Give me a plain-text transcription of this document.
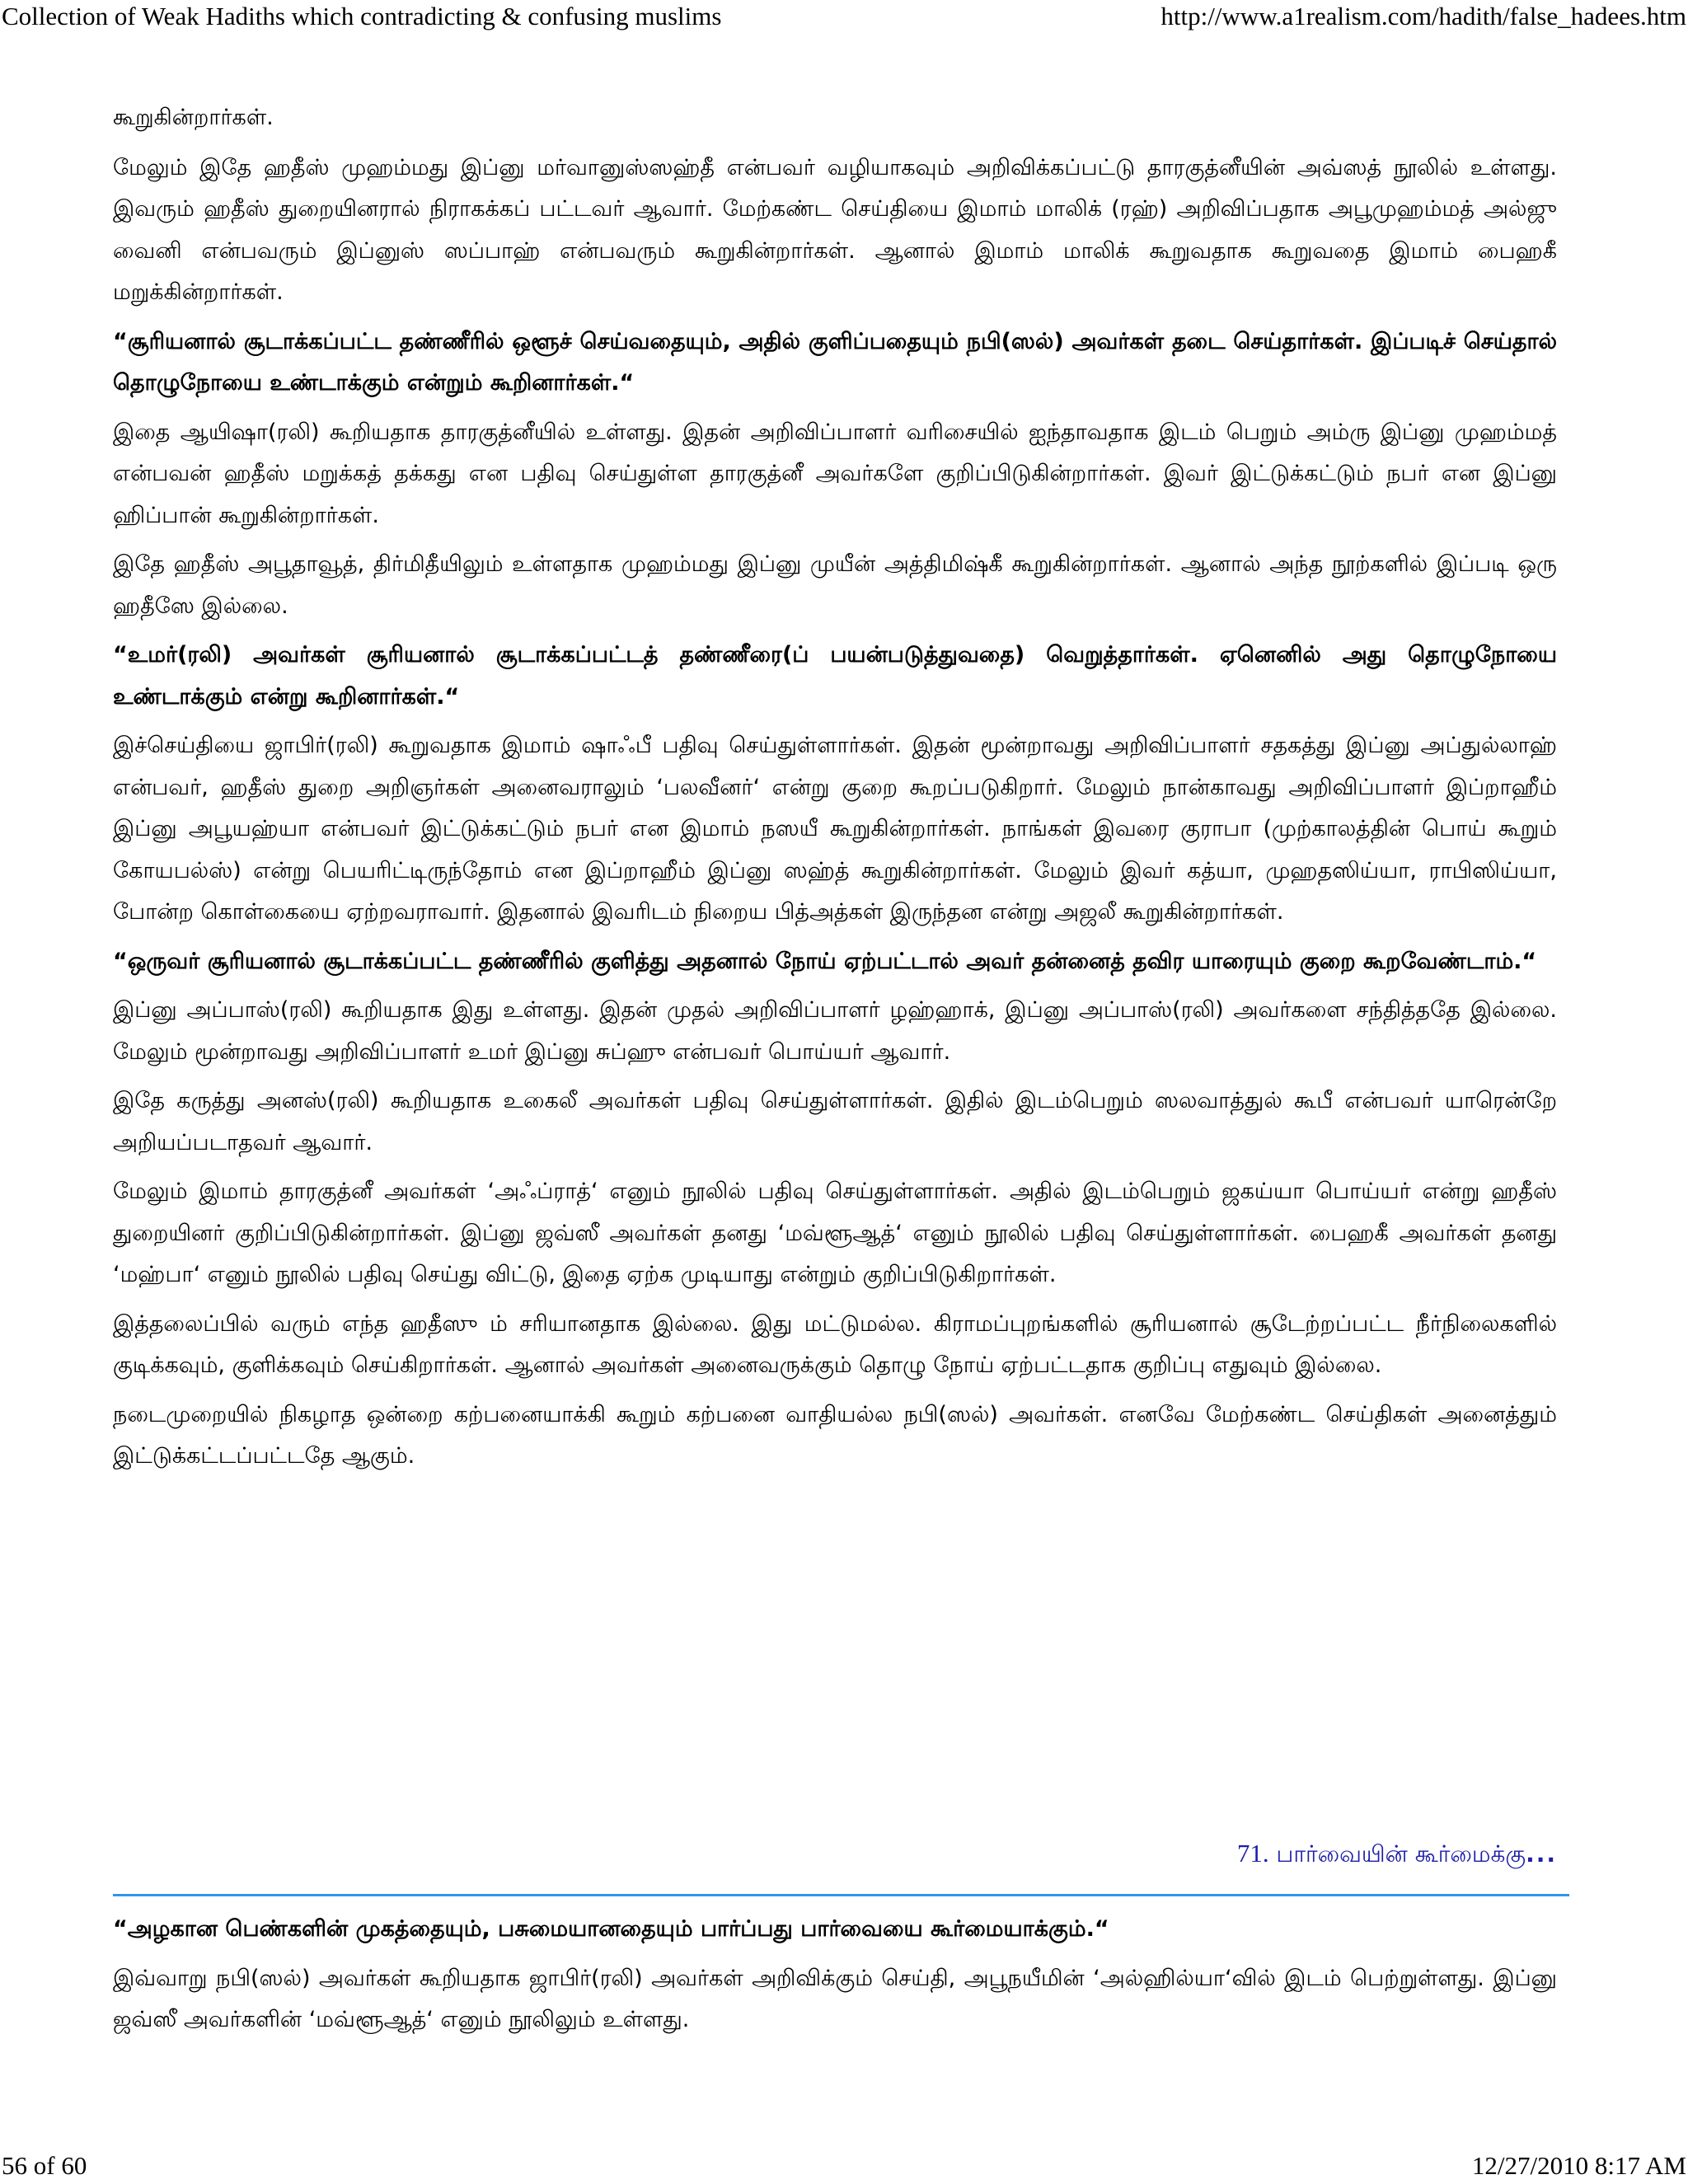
Collection of Weak Hadiths which contradicting & confusing muslims	http://www.a1realism.com/hadith/false_hadees.htm

கூறுகின்றார்கள்.

மேலும் இதே ஹதீஸ் முஹம்மது இப்னு மர்வானுஸ்ஸஹ்தீ என்பவர் வழியாகவும் அறிவிக்கப்பட்டு தாரகுத்னீயின் அவ்ஸத் நூலில் உள்ளது. இவரும் ஹதீஸ் துறையினரால் நிராகக்கப் பட்டவர் ஆவார். மேற்கண்ட செய்தியை இமாம் மாலிக் (ரஹ்) அறிவிப்பதாக அபூமுஹம்மத் அல்ஜு வைனி என்பவரும் இப்னுஸ் ஸப்பாஹ் என்பவரும் கூறுகின்றார்கள். ஆனால் இமாம் மாலிக் கூறுவதாக கூறுவதை இமாம் பைஹகீ மறுக்கின்றார்கள்.

“சூரியனால் சூடாக்கப்பட்ட தண்ணீரில் ஒளூச் செய்வதையும், அதில் குளிப்பதையும் நபி(ஸல்) அவர்கள் தடை செய்தார்கள். இப்படிச் செய்தால் தொழுநோயை உண்டாக்கும் என்றும் கூறினார்கள்.“

இதை ஆயிஷா(ரலி) கூறியதாக தாரகுத்னீயில் உள்ளது. இதன் அறிவிப்பாளர் வரிசையில் ஐந்தாவதாக இடம் பெறும் அம்ரு இப்னு முஹம்மத் என்பவன் ஹதீஸ் மறுக்கத் தக்கது என பதிவு செய்துள்ள தாரகுத்னீ அவர்களே குறிப்பிடுகின்றார்கள். இவர் இட்டுக்கட்டும் நபர் என இப்னு ஹிப்பான் கூறுகின்றார்கள்.

இதே ஹதீஸ் அபூதாவூத், திர்மிதீயிலும் உள்ளதாக முஹம்மது இப்னு முயீன் அத்திமிஷ்கீ கூறுகின்றார்கள். ஆனால் அந்த நூற்களில் இப்படி ஒரு ஹதீஸே இல்லை.

“உமர்(ரலி) அவர்கள் சூரியனால் சூடாக்கப்பட்டத் தண்ணீரை(ப் பயன்படுத்துவதை) வெறுத்தார்கள். ஏனெனில் அது தொழுநோயை உண்டாக்கும் என்று கூறினார்கள்.“

இச்செய்தியை ஜாபிர்(ரலி) கூறுவதாக இமாம் ஷாஃபீ பதிவு செய்துள்ளார்கள். இதன் மூன்றாவது அறிவிப்பாளர் சதகத்து இப்னு அப்துல்லாஹ் என்பவர், ஹதீஸ் துறை அறிஞர்கள் அனைவராலும் ‘பலவீனர்‘ என்று குறை கூறப்படுகிறார். மேலும் நான்காவது அறிவிப்பாளர் இப்றாஹீம் இப்னு அபூயஹ்யா என்பவர் இட்டுக்கட்டும் நபர் என இமாம் நஸயீ கூறுகின்றார்கள். நாங்கள் இவரை குராபா (முற்காலத்தின் பொய் கூறும் கோயபல்ஸ்) என்று பெயரிட்டிருந்தோம் என இப்றாஹீம் இப்னு ஸஹ்த் கூறுகின்றார்கள். மேலும் இவர் கத்யா, முஹதஸிய்யா, ராபிஸிய்யா, போன்ற கொள்கையை ஏற்றவராவார். இதனால் இவரிடம் நிறைய பித்அத்கள் இருந்தன என்று அஜலீ கூறுகின்றார்கள்.

“ஒருவர் சூரியனால் சூடாக்கப்பட்ட தண்ணீரில் குளித்து அதனால் நோய் ஏற்பட்டால் அவர் தன்னைத் தவிர யாரையும் குறை கூறவேண்டாம்.“

இப்னு அப்பாஸ்(ரலி) கூறியதாக இது உள்ளது. இதன் முதல் அறிவிப்பாளர் ழஹ்ஹாக், இப்னு அப்பாஸ்(ரலி) அவர்களை சந்தித்ததே இல்லை. மேலும் மூன்றாவது அறிவிப்பாளர் உமர் இப்னு சுப்ஹு என்பவர் பொய்யர் ஆவார்.

இதே கருத்து அனஸ்(ரலி) கூறியதாக உகைலீ அவர்கள் பதிவு செய்துள்ளார்கள். இதில் இடம்பெறும் ஸலவாத்துல் கூபீ என்பவர் யாரென்றே அறியப்படாதவர் ஆவார்.

மேலும் இமாம் தாரகுத்னீ அவர்கள் ‘அஃப்ராத்‘ எனும் நூலில் பதிவு செய்துள்ளார்கள். அதில் இடம்பெறும் ஜகய்யா பொய்யர் என்று ஹதீஸ் துறையினர் குறிப்பிடுகின்றார்கள். இப்னு ஜவ்ஸீ அவர்கள் தனது ‘மவ்ளூஆத்‘ எனும் நூலில் பதிவு செய்துள்ளார்கள். பைஹகீ அவர்கள் தனது ‘மஹ்பா‘ எனும் நூலில் பதிவு செய்து விட்டு, இதை ஏற்க முடியாது என்றும் குறிப்பிடுகிறார்கள்.

இத்தலைப்பில் வரும் எந்த ஹதீஸு ம் சரியானதாக இல்லை. இது மட்டுமல்ல. கிராமப்புறங்களில் சூரியனால் சூடேற்றப்பட்ட நீர்நிலைகளில் குடிக்கவும், குளிக்கவும் செய்கிறார்கள். ஆனால் அவர்கள் அனைவருக்கும் தொழு நோய் ஏற்பட்டதாக குறிப்பு எதுவும் இல்லை.

நடைமுறையில் நிகழாத ஒன்றை கற்பனையாக்கி கூறும் கற்பனை வாதியல்ல நபி(ஸல்) அவர்கள். எனவே மேற்கண்ட செய்திகள் அனைத்தும் இட்டுக்கட்டப்பட்டதே ஆகும்.

71. பார்வையின் கூர்மைக்கு...

“அழகான பெண்களின் முகத்தையும், பசுமையானதையும் பார்ப்பது பார்வையை கூர்மையாக்கும்.“

இவ்வாறு நபி(ஸல்) அவர்கள் கூறியதாக ஜாபிர்(ரலி) அவர்கள் அறிவிக்கும் செய்தி, அபூநயீமின் ‘அல்ஹில்யா‘வில் இடம் பெற்றுள்ளது. இப்னு ஜவ்ஸீ அவர்களின் ‘மவ்ளூஆத்‘ எனும் நூலிலும் உள்ளது.

56 of 60	12/27/2010 8:17 AM
